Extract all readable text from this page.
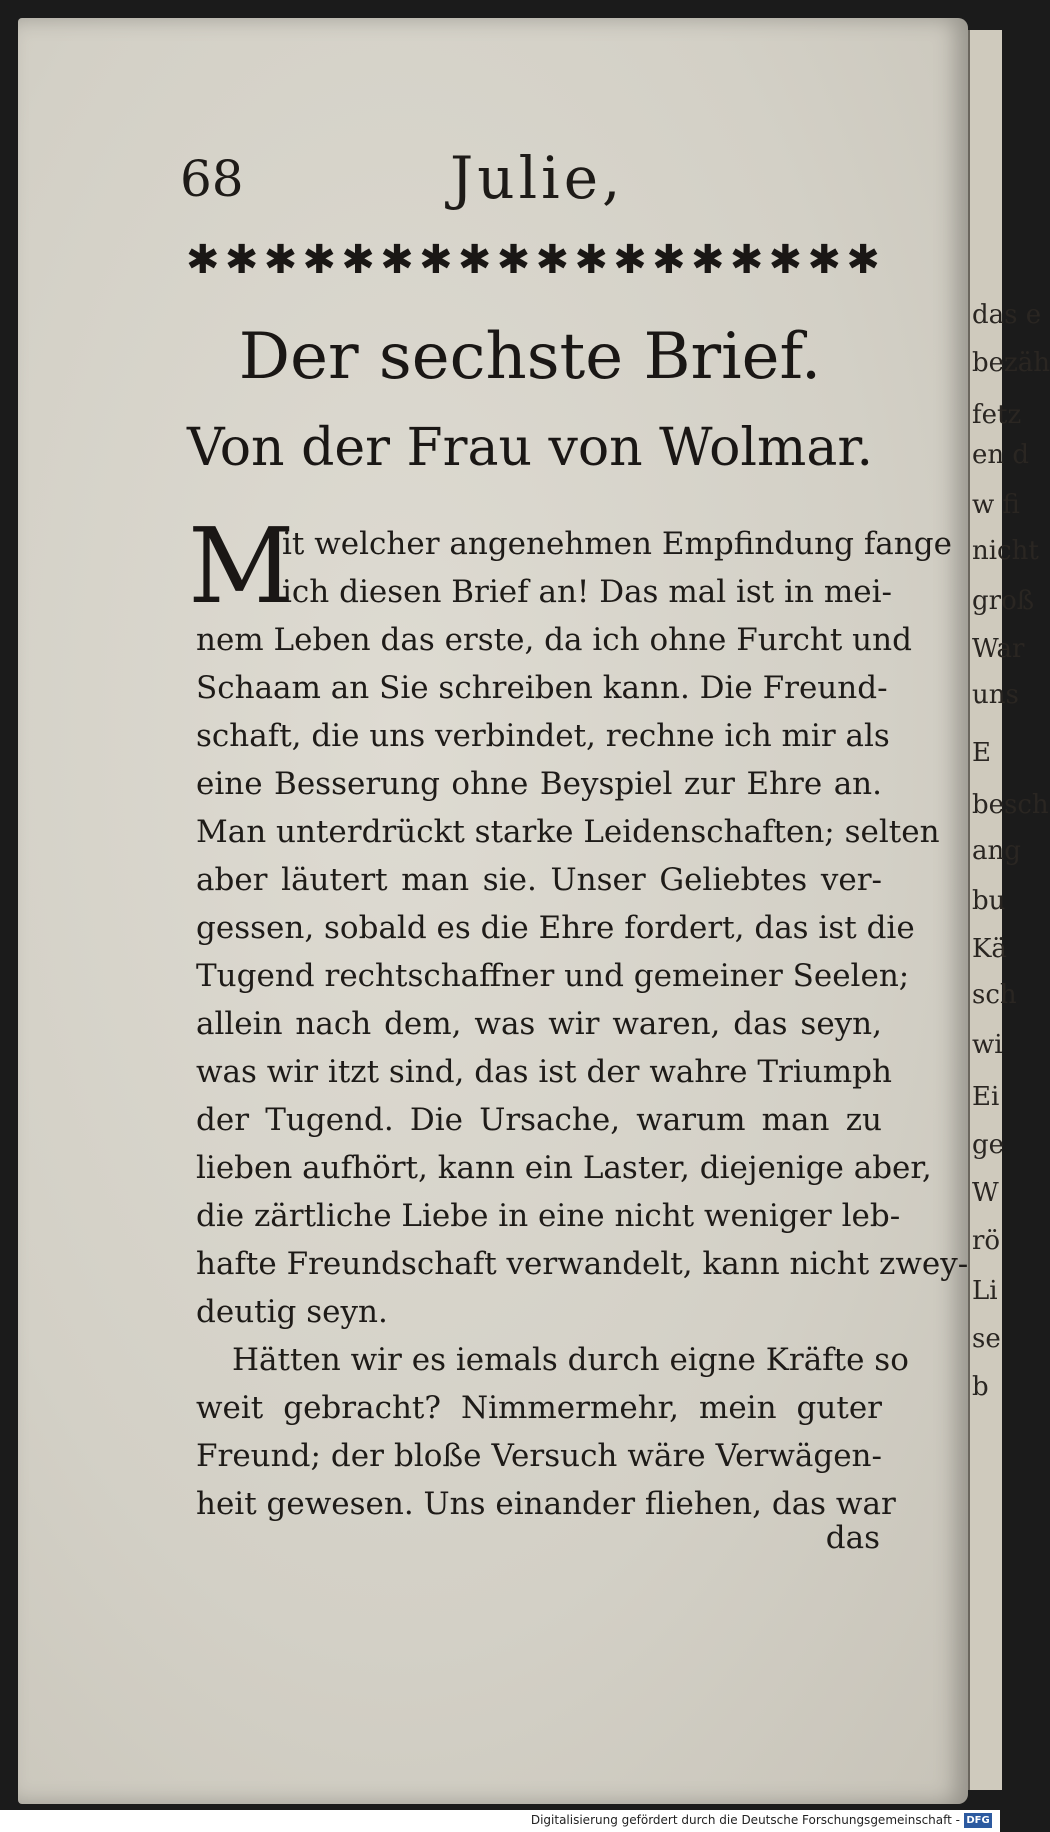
das e
bezäh
fetz
en d
w fi
nicht
groß
War
uns
E
besch
ang
bu
Kä
sch
wi
Ei
ge
W
rö
Li
se
b
68	Julie,
✱ ✱ ✱ ✱ ✱ ✱ ✱ ✱ ✱ ✱ ✱ ✱ ✱ ✱ ✱ ✱ ✱ ✱
Der sechste Brief.
Von der Frau von Wolmar.
M
it welcher angenehmen Empfindung fange
ich diesen Brief an! Das mal ist in mei-
nem Leben das erste, da ich ohne Furcht und
Schaam an Sie schreiben kann. Die Freund-
schaft, die uns verbindet, rechne ich mir als
eine Besserung ohne Beyspiel zur Ehre an.
Man unterdrückt starke Leidenschaften; selten
aber läutert man sie. Unser Geliebtes ver-
gessen, sobald es die Ehre fordert, das ist die
Tugend rechtschaffner und gemeiner Seelen;
allein nach dem, was wir waren, das seyn,
was wir itzt sind, das ist der wahre Triumph
der Tugend. Die Ursache, warum man zu
lieben aufhört, kann ein Laster, diejenige aber,
die zärtliche Liebe in eine nicht weniger leb-
hafte Freundschaft verwandelt, kann nicht zwey-
deutig seyn.
Hätten wir es iemals durch eigne Kräfte so
weit gebracht? Nimmermehr, mein guter
Freund; der bloße Versuch wäre Verwägen-
heit gewesen. Uns einander fliehen, das war
das
Digitalisierung gefördert durch die Deutsche Forschungsgemeinschaft - DFG
